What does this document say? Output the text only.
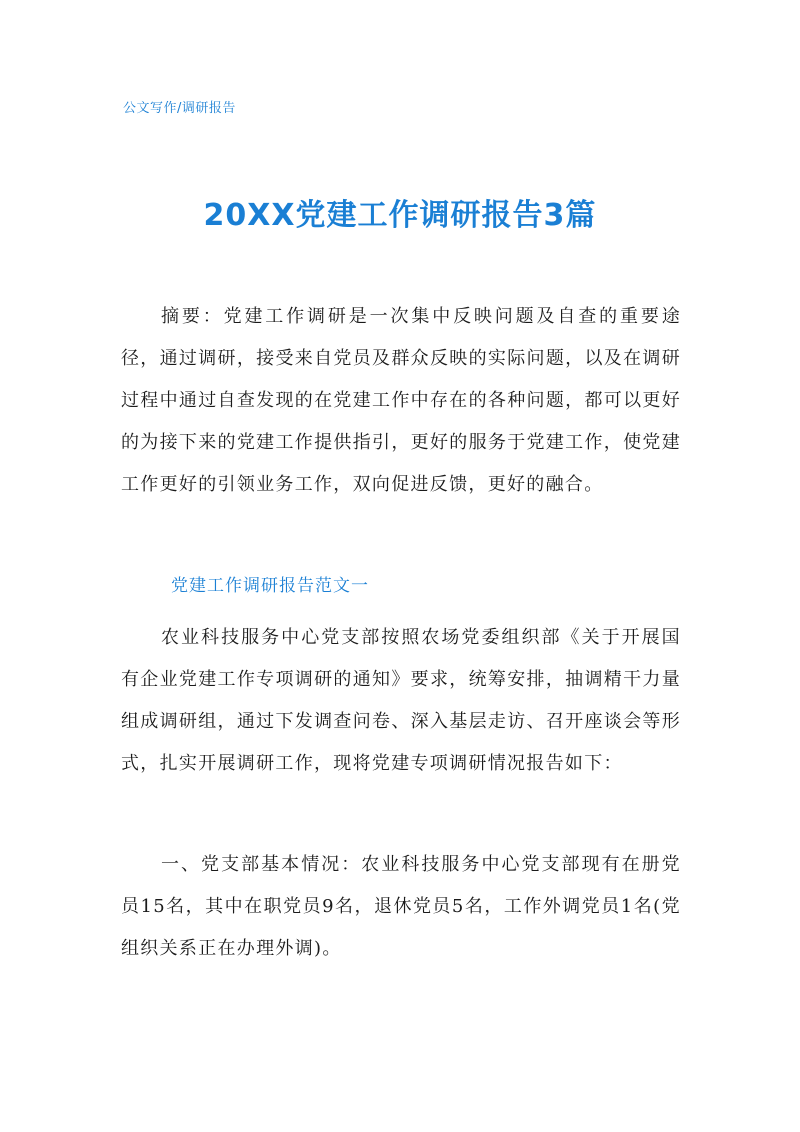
公文写作/调研报告
20XX党建工作调研报告3篇

摘要：党建工作调研是一次集中反映问题及自查的重要途径，通过调研，接受来自党员及群众反映的实际问题，以及在调研过程中通过自查发现的在党建工作中存在的各种问题，都可以更好的为接下来的党建工作提供指引，更好的服务于党建工作，使党建工作更好的引领业务工作，双向促进反馈，更好的融合。

党建工作调研报告范文一

农业科技服务中心党支部按照农场党委组织部《关于开展国有企业党建工作专项调研的通知》要求，统筹安排，抽调精干力量组成调研组，通过下发调查问卷、深入基层走访、召开座谈会等形式，扎实开展调研工作，现将党建专项调研情况报告如下：

一、党支部基本情况：农业科技服务中心党支部现有在册党员15名，其中在职党员9名，退休党员5名，工作外调党员1名(党组织关系正在办理外调)。
